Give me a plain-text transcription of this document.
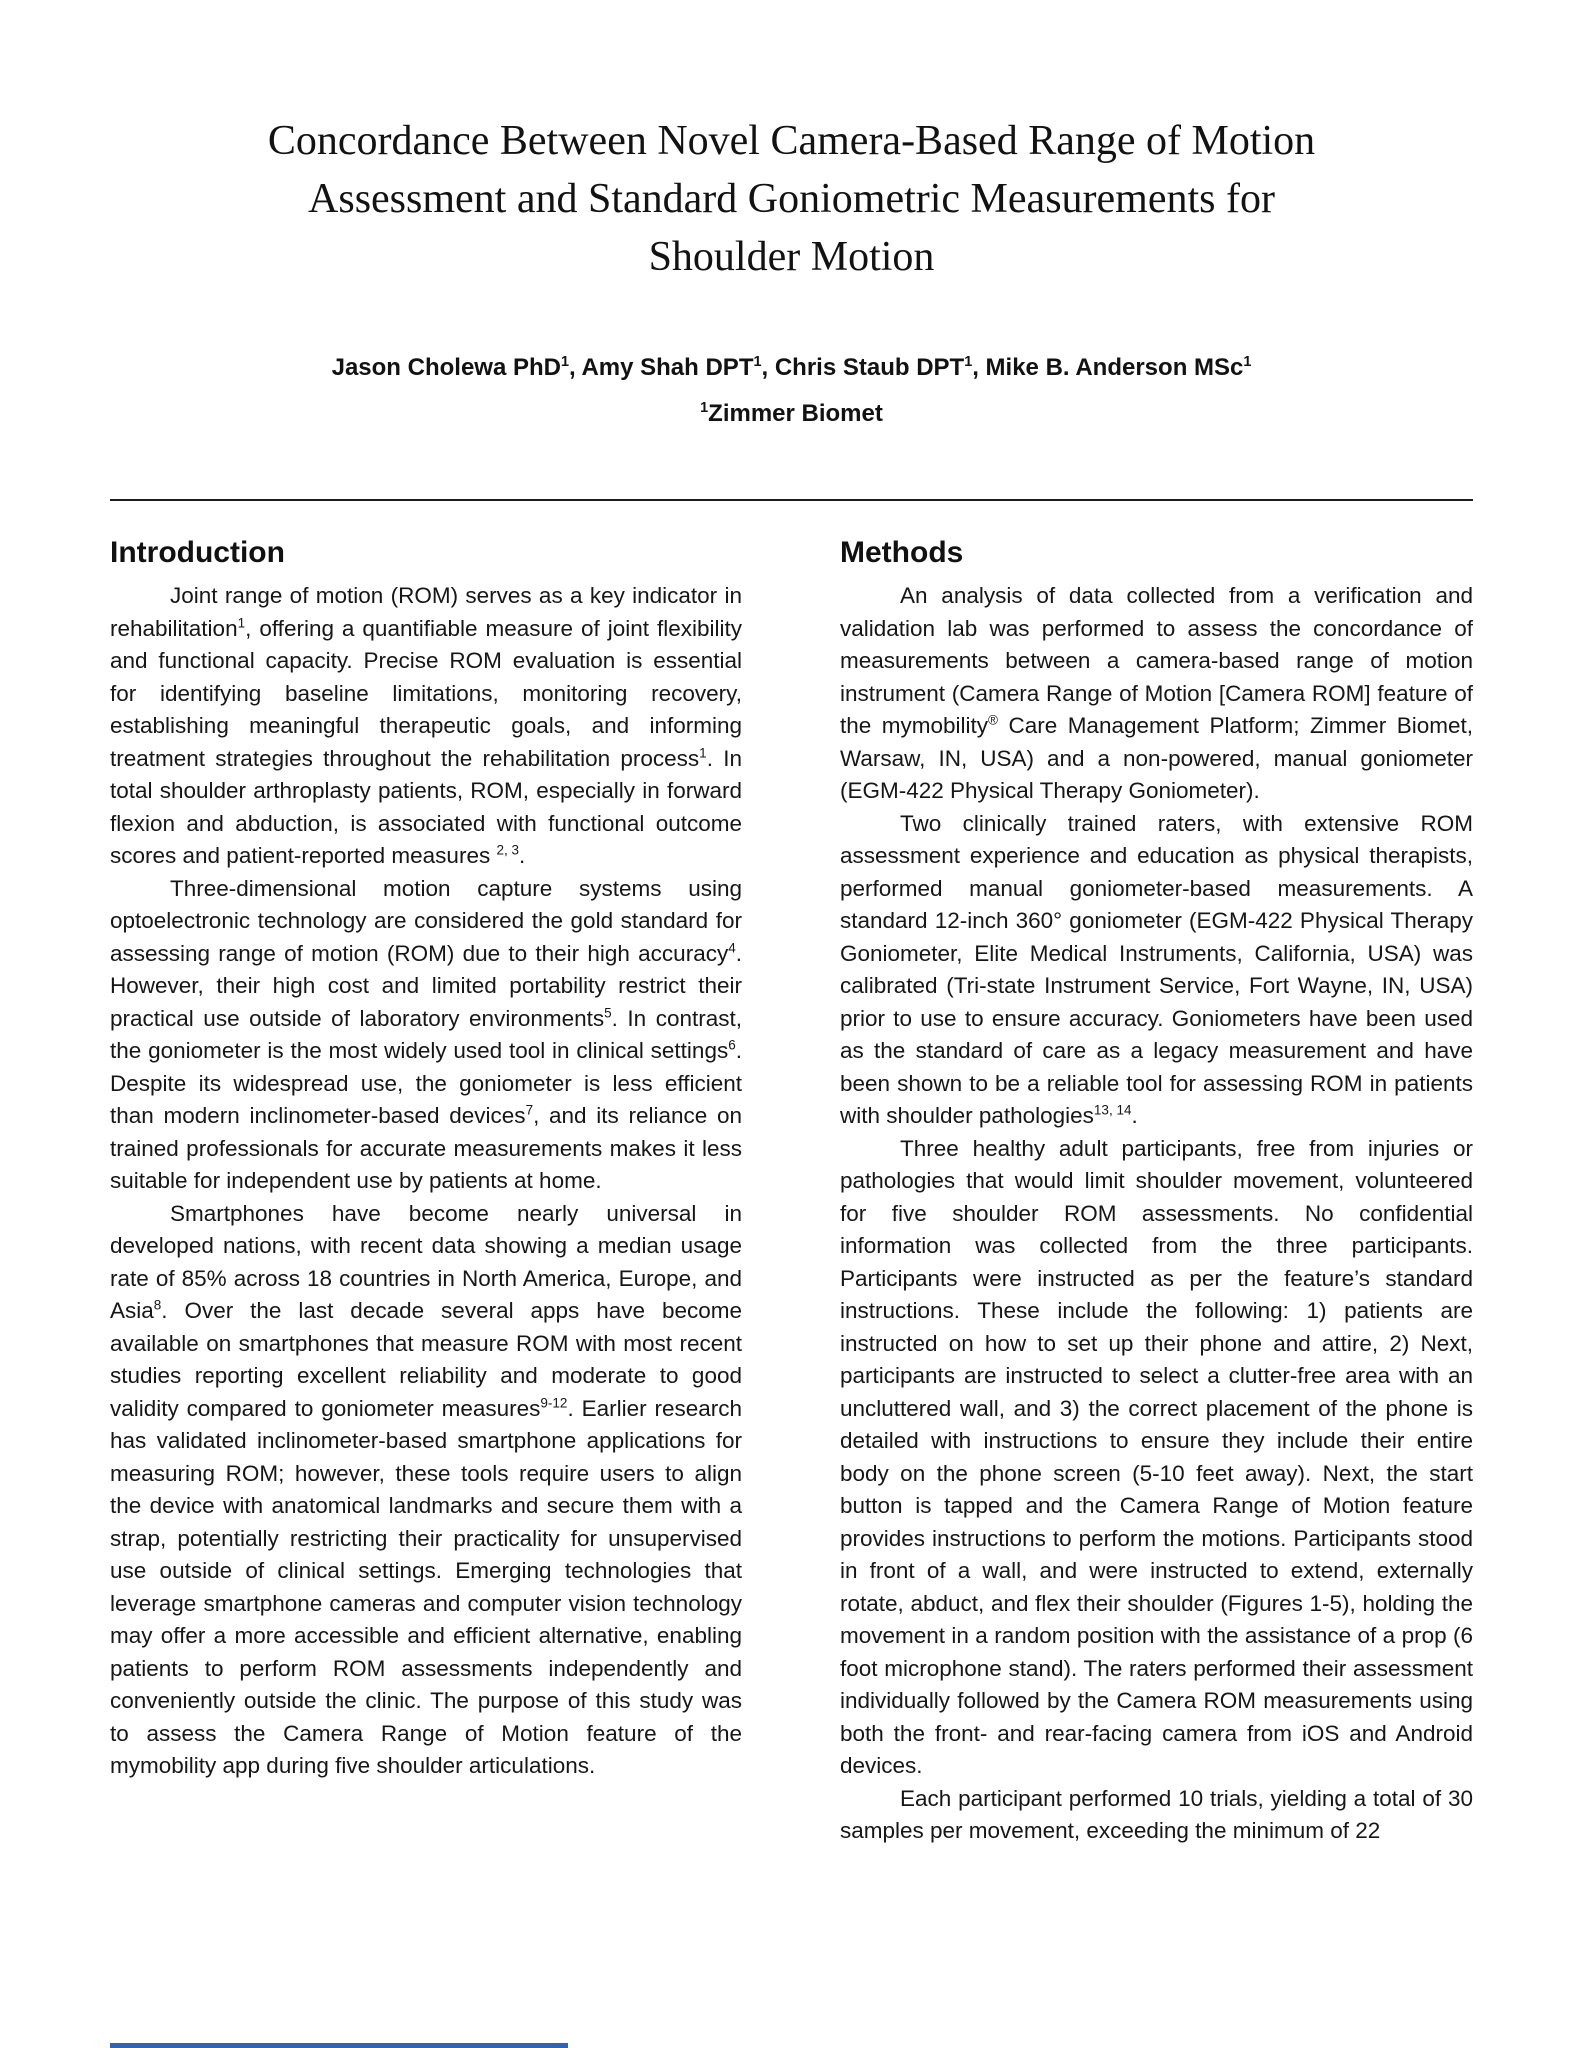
Concordance Between Novel Camera-Based Range of Motion
Assessment and Standard Goniometric Measurements for
Shoulder Motion
Jason Cholewa PhD$^1$, Amy Shah DPT$^1$, Chris Staub DPT$^1$, Mike B. Anderson MSc$^1$
$^1$Zimmer Biomet
Introduction

Joint range of motion (ROM) serves as a key indicator in rehabilitation$^1$, offering a quantifiable measure of joint flexibility and functional capacity. Precise ROM evaluation is essential for identifying baseline limitations, monitoring recovery, establishing meaningful therapeutic goals, and informing treatment strategies throughout the rehabilitation process$^1$. In total shoulder arthroplasty patients, ROM, especially in forward flexion and abduction, is associated with functional outcome scores and patient-reported measures $^{2, 3}$.

Three-dimensional motion capture systems using optoelectronic technology are considered the gold standard for assessing range of motion (ROM) due to their high accuracy$^4$. However, their high cost and limited portability restrict their practical use outside of laboratory environments$^5$. In contrast, the goniometer is the most widely used tool in clinical settings$^6$. Despite its widespread use, the goniometer is less efficient than modern inclinometer-based devices$^7$, and its reliance on trained professionals for accurate measurements makes it less suitable for independent use by patients at home.

Smartphones have become nearly universal in developed nations, with recent data showing a median usage rate of 85% across 18 countries in North America, Europe, and Asia$^8$. Over the last decade several apps have become available on smartphones that measure ROM with most recent studies reporting excellent reliability and moderate to good validity compared to goniometer measures$^{9-12}$. Earlier research has validated inclinometer-based smartphone applications for measuring ROM; however, these tools require users to align the device with anatomical landmarks and secure them with a strap, potentially restricting their practicality for unsupervised use outside of clinical settings. Emerging technologies that leverage smartphone cameras and computer vision technology may offer a more accessible and efficient alternative, enabling patients to perform ROM assessments independently and conveniently outside the clinic. The purpose of this study was to assess the Camera Range of Motion feature of the mymobility app during five shoulder articulations.

Methods

An analysis of data collected from a verification and validation lab was performed to assess the concordance of measurements between a camera-based range of motion instrument (Camera Range of Motion [Camera ROM] feature of the mymobility® Care Management Platform; Zimmer Biomet, Warsaw, IN, USA) and a non-powered, manual goniometer (EGM-422 Physical Therapy Goniometer).

Two clinically trained raters, with extensive ROM assessment experience and education as physical therapists, performed manual goniometer-based measurements. A standard 12-inch 360° goniometer (EGM-422 Physical Therapy Goniometer, Elite Medical Instruments, California, USA) was calibrated (Tri-state Instrument Service, Fort Wayne, IN, USA) prior to use to ensure accuracy. Goniometers have been used as the standard of care as a legacy measurement and have been shown to be a reliable tool for assessing ROM in patients with shoulder pathologies$^{13, 14}$.

Three healthy adult participants, free from injuries or pathologies that would limit shoulder movement, volunteered for five shoulder ROM assessments. No confidential information was collected from the three participants. Participants were instructed as per the feature’s standard instructions. These include the following: 1) patients are instructed on how to set up their phone and attire, 2) Next, participants are instructed to select a clutter-free area with an uncluttered wall, and 3) the correct placement of the phone is detailed with instructions to ensure they include their entire body on the phone screen (5-10 feet away). Next, the start button is tapped and the Camera Range of Motion feature provides instructions to perform the motions. Participants stood in front of a wall, and were instructed to extend, externally rotate, abduct, and flex their shoulder (Figures 1-5), holding the movement in a random position with the assistance of a prop (6 foot microphone stand). The raters performed their assessment individually followed by the Camera ROM measurements using both the front- and rear-facing camera from iOS and Android devices.

Each participant performed 10 trials, yielding a total of 30 samples per movement, exceeding the minimum of 22
